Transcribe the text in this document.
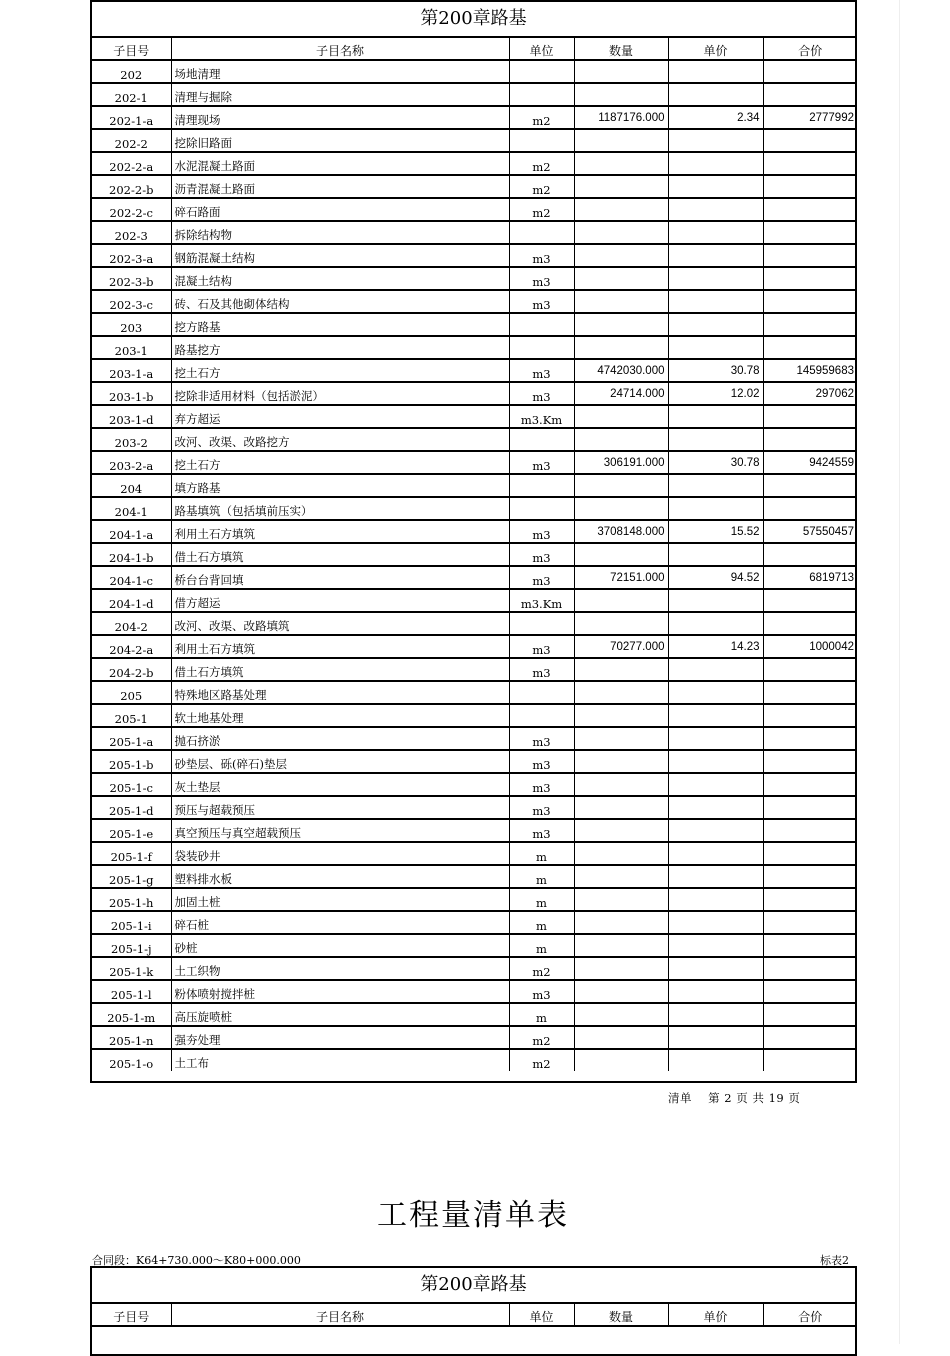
第200章路基
子目号	子目名称	单位	数量	单价	合价
202	场地清理				
202-1	清理与掘除				
202-1-a	清理现场	m2	1187176.000	2.34	2777992
202-2	挖除旧路面				
202-2-a	水泥混凝土路面	m2			
202-2-b	沥青混凝土路面	m2			
202-2-c	碎石路面	m2			
202-3	拆除结构物				
202-3-a	钢筋混凝土结构	m3			
202-3-b	混凝土结构	m3			
202-3-c	砖、石及其他砌体结构	m3			
203	挖方路基				
203-1	路基挖方				
203-1-a	挖土石方	m3	4742030.000	30.78	145959683
203-1-b	挖除非适用材料（包括淤泥）	m3	24714.000	12.02	297062
203-1-d	弃方超运	m3.Km			
203-2	改河、改渠、改路挖方				
203-2-a	挖土石方	m3	306191.000	30.78	9424559
204	填方路基				
204-1	路基填筑（包括填前压实）				
204-1-a	利用土石方填筑	m3	3708148.000	15.52	57550457
204-1-b	借土石方填筑	m3			
204-1-c	桥台台背回填	m3	72151.000	94.52	6819713
204-1-d	借方超运	m3.Km			
204-2	改河、改渠、改路填筑				
204-2-a	利用土石方填筑	m3	70277.000	14.23	1000042
204-2-b	借土石方填筑	m3			
205	特殊地区路基处理				
205-1	软土地基处理				
205-1-a	抛石挤淤	m3			
205-1-b	砂垫层、砾(碎石)垫层	m3			
205-1-c	灰土垫层	m3			
205-1-d	预压与超载预压	m3			
205-1-e	真空预压与真空超载预压	m3			
205-1-f	袋装砂井	m			
205-1-g	塑料排水板	m			
205-1-h	加固土桩	m			
205-1-i	碎石桩	m			
205-1-j	砂桩	m			
205-1-k	土工织物	m2			
205-1-l	粉体喷射搅拌桩	m3			
205-1-m	高压旋喷桩	m			
205-1-n	强夯处理	m2			
205-1-o	土工布	m2			
清单　 第 2 页 共 19 页
工程量清单表
合同段：K64+730.000～K80+000.000	标表2
第200章路基
子目号	子目名称	单位	数量	单价	合价
